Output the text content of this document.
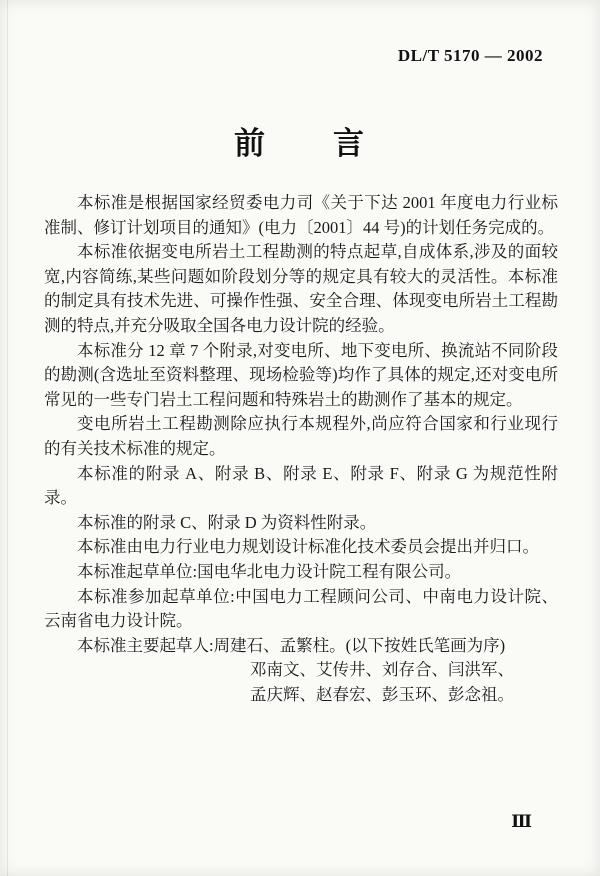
DL/T 5170 — 2002
前　　言

本标准是根据国家经贸委电力司《关于下达 2001 年度电力行业标准制、修订计划项目的通知》(电力〔2001〕44 号)的计划任务完成的。

本标准依据变电所岩土工程勘测的特点起草,自成体系,涉及的面较宽,内容简练,某些问题如阶段划分等的规定具有较大的灵活性。本标准的制定具有技术先进、可操作性强、安全合理、体现变电所岩土工程勘测的特点,并充分吸取全国各电力设计院的经验。

本标准分 12 章 7 个附录,对变电所、地下变电所、换流站不同阶段的勘测(含选址至资料整理、现场检验等)均作了具体的规定,还对变电所常见的一些专门岩土工程问题和特殊岩土的勘测作了基本的规定。

变电所岩土工程勘测除应执行本规程外,尚应符合国家和行业现行的有关技术标准的规定。

本标准的附录 A、附录 B、附录 E、附录 F、附录 G 为规范性附录。

本标准的附录 C、附录 D 为资料性附录。

本标准由电力行业电力规划设计标准化技术委员会提出并归口。

本标准起草单位:国电华北电力设计院工程有限公司。

本标准参加起草单位:中国电力工程顾问公司、中南电力设计院、云南省电力设计院。

本标准主要起草人:周建石、孟繁柱。(以下按姓氏笔画为序)

邓南文、艾传井、刘存合、闫洪军、

孟庆辉、赵春宏、彭玉环、彭念祖。

Ⅲ
